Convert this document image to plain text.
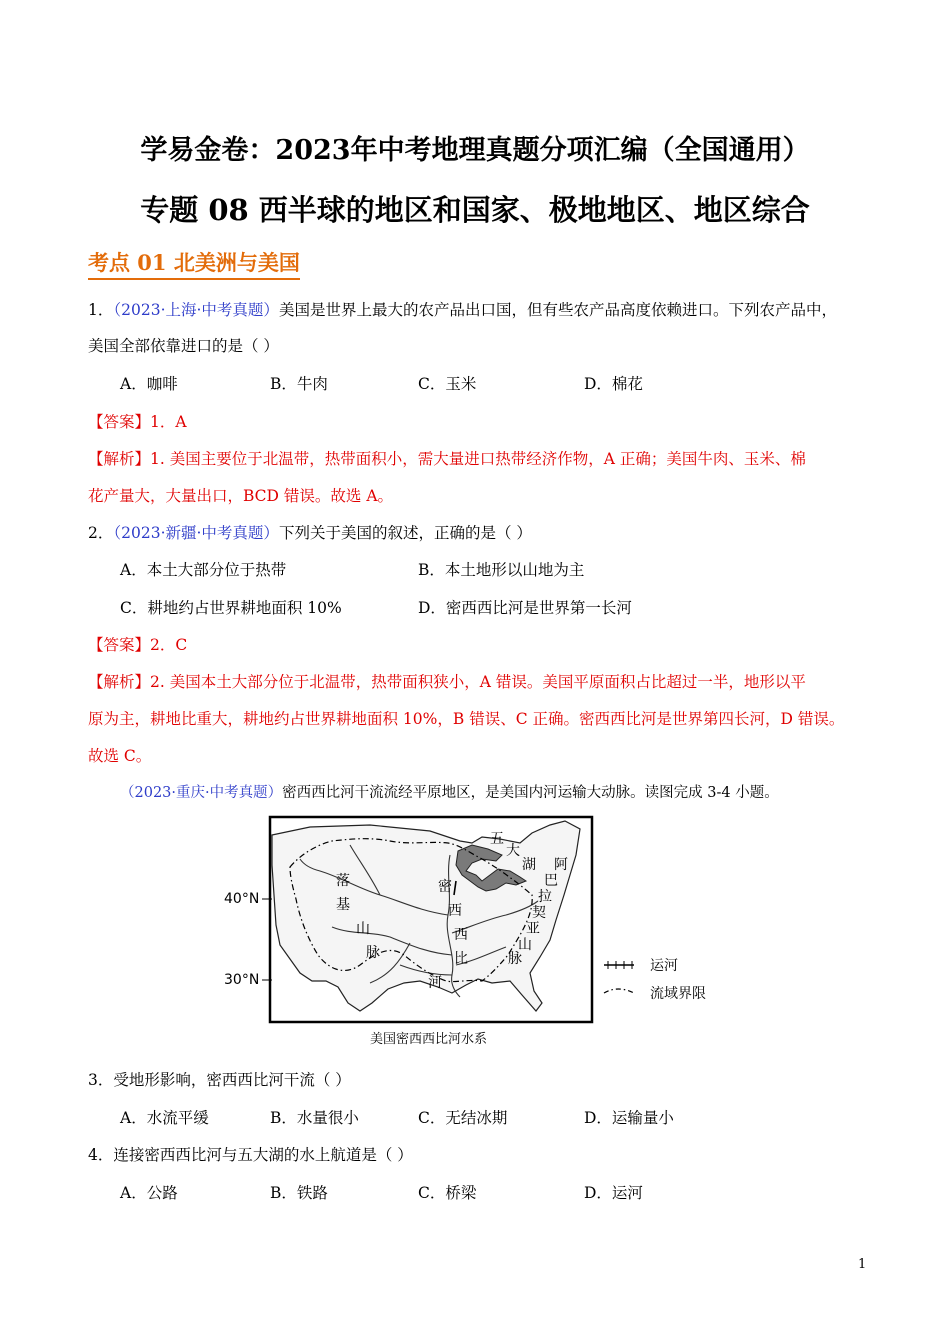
学易金卷：2023年中考地理真题分项汇编（全国通用）
专题 08 西半球的地区和国家、极地地区、地区综合
考点 01 北美洲与美国
1．（2023·上海·中考真题）美国是世界上最大的农产品出口国，但有些农产品高度依赖进口。下列农产品中，
美国全部依靠进口的是（ ）
A．咖啡	B．牛肉	C．玉米	D．棉花
【答案】1．A
【解析】1. 美国主要位于北温带，热带面积小，需大量进口热带经济作物，A 正确；美国牛肉、玉米、棉
花产量大，大量出口，BCD 错误。故选 A。
2．（2023·新疆·中考真题）下列关于美国的叙述，正确的是（ ）
A．本土大部分位于热带	B．本土地形以山地为主
C．耕地约占世界耕地面积 10%	D．密西西比河是世界第一长河
【答案】2．C
【解析】2. 美国本土大部分位于北温带，热带面积狭小，A 错误。美国平原面积占比超过一半，地形以平
原为主，耕地比重大，耕地约占世界耕地面积 10%，B 错误、C 正确。密西西比河是世界第四长河，D 错误。
故选 C。
（2023·重庆·中考真题）密西西比河干流流经平原地区，是美国内河运输大动脉。读图完成 3-4 小题。
40°N
30°N
落
基
山
脉
五
大
湖 阿
巴
拉
契
亚
山
脉
密
西
西
比
河
美国密西西比河水系
运河
流域界限
3．受地形影响，密西西比河干流（ ）
A．水流平缓	B．水量很小	C．无结冰期	D．运输量小
4．连接密西西比河与五大湖的水上航道是（ ）
A．公路	B．铁路	C．桥梁	D．运河
1
